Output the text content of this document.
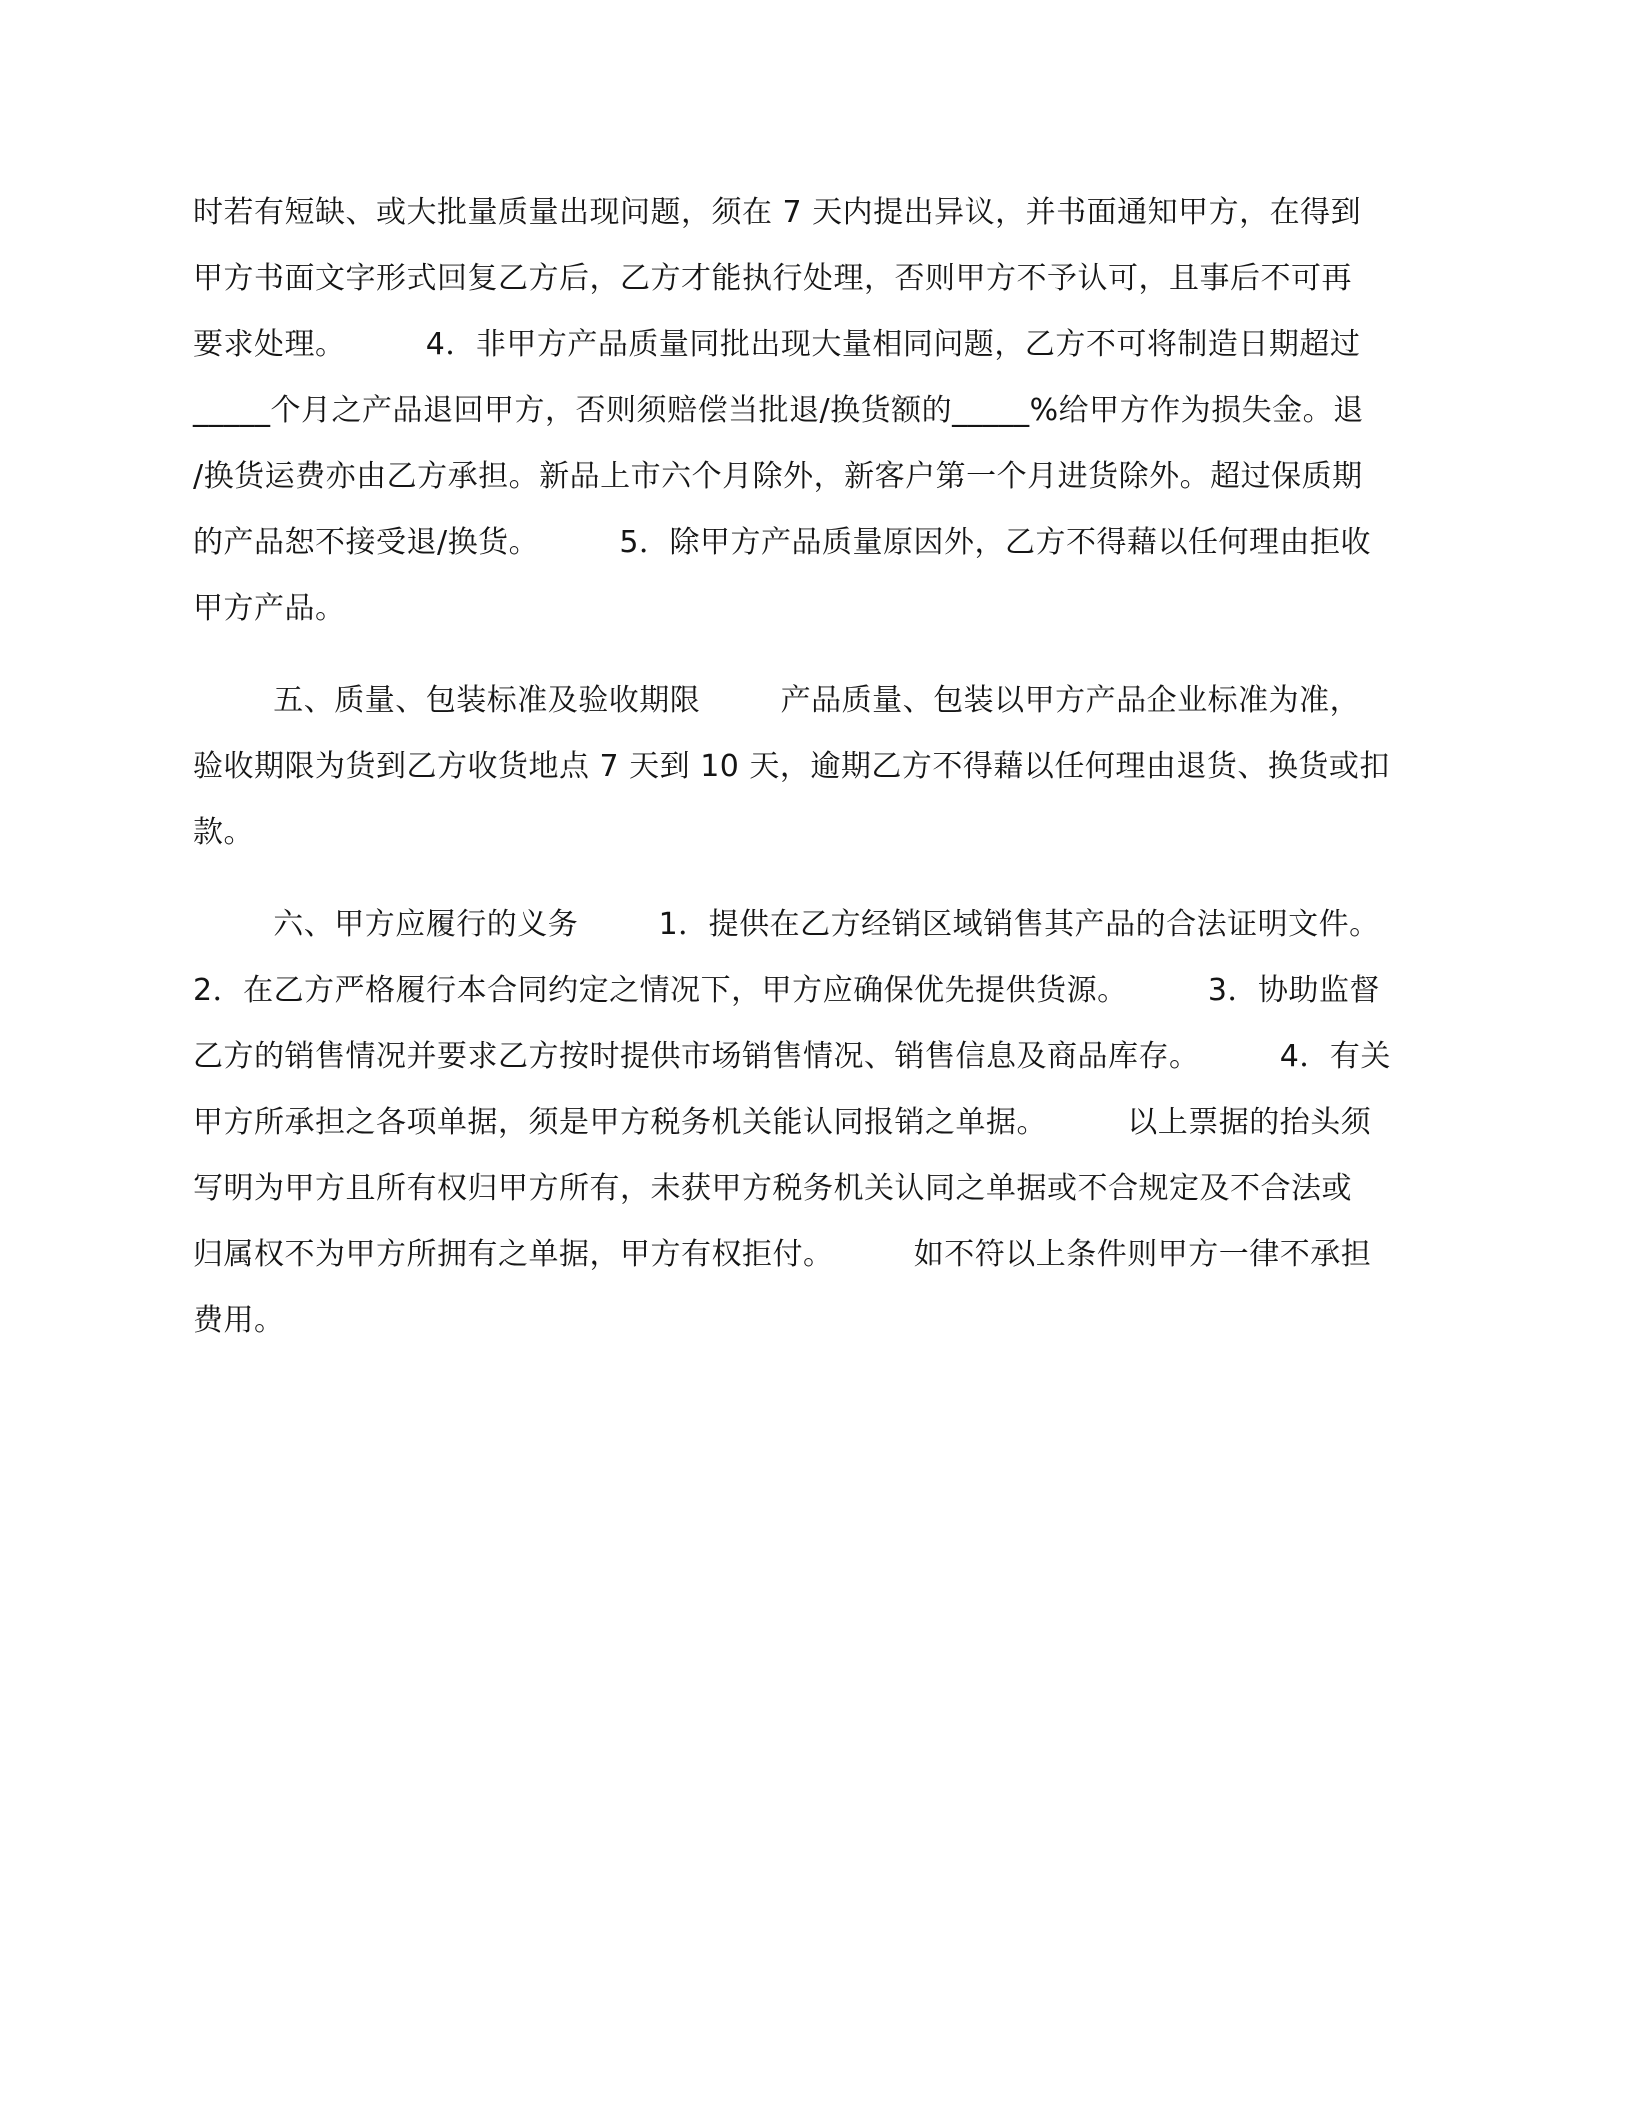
时若有短缺、或大批量质量出现问题，须在 7 天内提出异议，并书面通知甲方，在得到
甲方书面文字形式回复乙方后，乙方才能执行处理，否则甲方不予认可，且事后不可再
要求处理。        4．非甲方产品质量同批出现大量相同问题，乙方不可将制造日期超过
_____个月之产品退回甲方，否则须赔偿当批退/换货额的_____%给甲方作为损失金。退
/换货运费亦由乙方承担。新品上市六个月除外，新客户第一个月进货除外。超过保质期
的产品恕不接受退/换货。        5．除甲方产品质量原因外，乙方不得藉以任何理由拒收
甲方产品。
五、质量、包装标准及验收期限        产品质量、包装以甲方产品企业标准为准，
验收期限为货到乙方收货地点 7 天到 10 天，逾期乙方不得藉以任何理由退货、换货或扣
款。
六、甲方应履行的义务        1．提供在乙方经销区域销售其产品的合法证明文件。
2．在乙方严格履行本合同约定之情况下，甲方应确保优先提供货源。        3．协助监督
乙方的销售情况并要求乙方按时提供市场销售情况、销售信息及商品库存。        4．有关
甲方所承担之各项单据，须是甲方税务机关能认同报销之单据。        以上票据的抬头须
写明为甲方且所有权归甲方所有，未获甲方税务机关认同之单据或不合规定及不合法或
归属权不为甲方所拥有之单据，甲方有权拒付。        如不符以上条件则甲方一律不承担
费用。
